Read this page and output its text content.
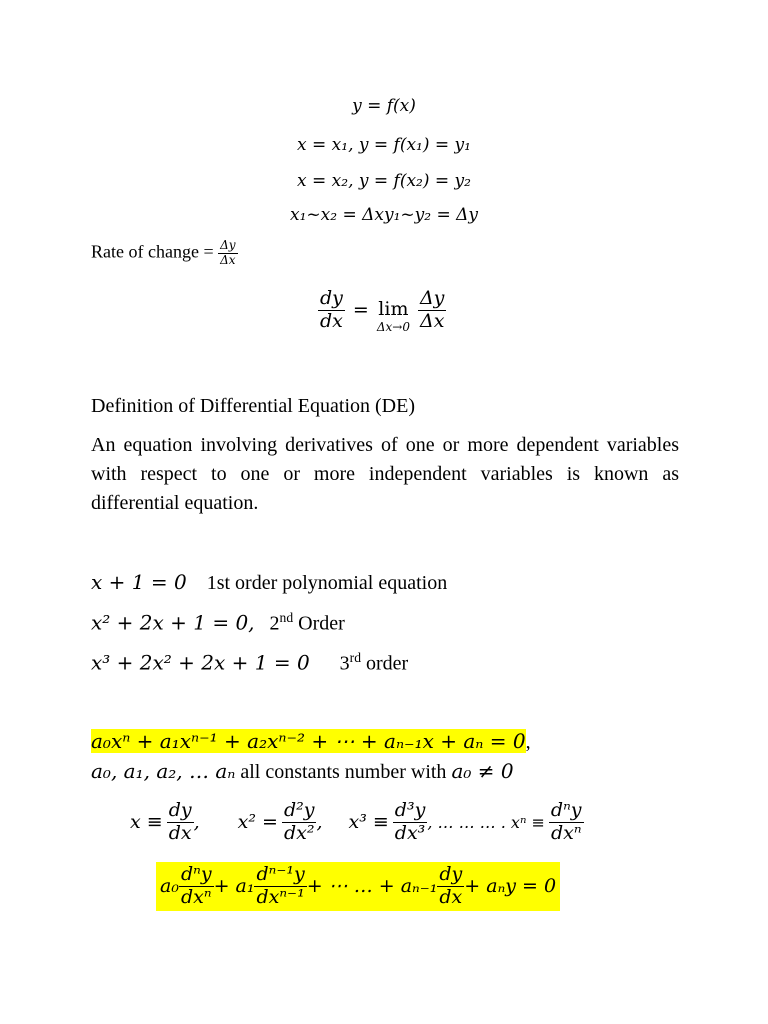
y = f(x)
x = x₁, y = f(x₁) = y₁
x = x₂, y = f(x₂) = y₂
x₁~x₂ = Δxy₁~y₂ = Δy
Rate of change = $\frac{\Delta y}{\Delta x}$
$\frac{dy}{dx} = \lim$
$\Delta x\to 0 \frac{\Delta y}{\Delta x}$
Definition of Differential Equation (DE)
An equation involving derivatives of one or more dependent variables with respect to one or more independent variables is known as differential equation.
x + 1 = 0 1st order polynomial equation
x² + 2x + 1 = 0, 2nd Order
x³ + 2x² + 2x + 1 = 0 3rd order
a₀xⁿ + a₁xⁿ⁻¹ + a₂xⁿ⁻² + ⋯ + aₙ₋₁x + aₙ = 0,
a₀, a₁, a₂, … aₙ all constants number with a₀ ≠ 0
$x \equiv \frac{dy}{dx}$ , $x^2 = \frac{\text{d²y}}{\text{dx²}}$ , $x^3 \equiv \frac{\text{d³y}}{\text{dx³}}$ , … … … . $x^n \equiv \frac{\text{dⁿy}}{\text{dxⁿ}}$
$a_0 \frac{\text{dⁿy}}{\text{dxⁿ}} + a_1 \frac{\text{dⁿ⁻¹y}}{\text{dxⁿ⁻¹}}$ + ⋯ … + $a_{n-1} \frac{dy}{dx} + a_ny = 0$
